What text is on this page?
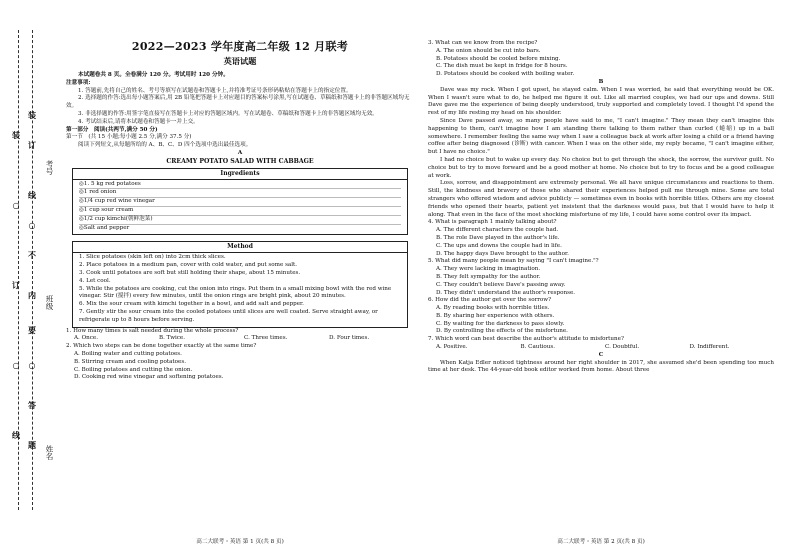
装
订
线
○
不
内
要
○
答
题
装
○
订
○
线
考号
班级
姓名

2022—2023 学年度高二年级 12 月联考

英语试题

本试题卷共 8 页。全卷满分 120 分。考试用时 120 分钟。

注意事项:

1. 答题前,先将自己的姓名、考号等填写在试题卷和答题卡上,并将准考证号条形码粘贴在答题卡上的指定位置。

2. 选择题的作答:选出每小题答案后,用 2B 铅笔把答题卡上对应题目的答案标号涂黑,写在试题卷、草稿纸和答题卡上的非答题区域均无效。

3. 非选择题的作答:用签字笔直接写在答题卡上对应的答题区域内。写在试题卷、草稿纸和答题卡上的非答题区域均无效。

4. 考试结束后,请将本试题卷和答题卡一并上交。

第一部分　阅读(共两节,满分 50 分)

第一节　(共 15 小题;每小题 2.5 分,满分 37.5 分)

阅读下列短文,从每题所给的 A、B、C、D 四个选项中选出最佳选项。

A

CREAMY POTATO SALAD WITH CABBAGE

Ingredients

◎1. 5 kg red potatoes

◎1 red onion

◎1/4 cup red wine vinegar

◎1 cup sour cream

◎1/2 cup kimchi(朝鲜泡菜)

◎Salt and pepper

Method

1. Slice potatoes (skin left on) into 2cm thick slices.

2. Place potatoes in a medium pan, cover with cold water, and put some salt.

3. Cook until potatoes are soft but still holding their shape, about 15 minutes.

4. Let cool.

5. While the potatoes are cooking, cut the onion into rings. Put them in a small mixing bowl with the red wine vinegar. Stir (搅拌) every few minutes, until the onion rings are bright pink, about 20 minutes.

6. Mix the sour cream with kimchi together in a bowl, and add salt and pepper.

7. Gently stir the sour cream into the cooled potatoes until slices are well coated. Serve straight away, or refrigerate up to 8 hours before serving.

1. How many times is salt needed during the whole process?

A. Once.	B. Twice.	C. Three times.	D. Four times.

2. Which two steps can be done together exactly at the same time?

A. Boiling water and cutting potatoes.

B. Stirring cream and cooling potatoes.

C. Boiling potatoes and cutting the onion.

D. Cooking red wine vinegar and softening potatoes.

高二大联考・英语 第 1 页(共 8 页)

3. What can we know from the recipe?

A. The onion should be cut into bars.

B. Potatoes should be cooled before mixing.

C. The dish must be kept in fridge for 8 hours.

D. Potatoes should be cooked with boiling water.

B

Dave was my rock. When I got upset, he stayed calm. When I was worried, he said that everything would be OK. When I wasn't sure what to do, he helped me figure it out. Like all married couples, we had our ups and downs. Still Dave gave me the experience of being deeply understood, truly supported and completely loved. I thought I'd spend the rest of my life resting my head on his shoulder.

Since Dave passed away, so many people have said to me, "I can't imagine." They mean they can't imagine this happening to them, can't imagine how I am standing there talking to them rather than curled (蜷缩) up in a ball somewhere. I remember feeling the same way when I saw a colleague back at work after losing a child or a friend having coffee after being diagnosed (诊断) with cancer. When I was on the other side, my reply became, "I can't imagine either, but I have no choice."

I had no choice but to wake up every day. No choice but to get through the shock, the sorrow, the survivor guilt. No choice but to try to move forward and be a good mother at home. No choice but to try to focus and be a good colleague at work.

Loss, sorrow, and disappointment are extremely personal. We all have unique circumstances and reactions to them. Still, the kindness and bravery of those who shared their experiences helped pull me through mine. Some are total strangers who offered wisdom and advice publicly — sometimes even in books with horrible titles. Others are my closest friends who opened their hearts, patient yet insistent that the darkness would pass, but that I would have to help it along. That even in the face of the most shocking misfortune of my life, I could have some control over its impact.

4. What is paragraph 1 mainly talking about?

A. The different characters the couple had.

B. The role Dave played in the author's life.

C. The ups and downs the couple had in life.

D. The happy days Dave brought to the author.

5. What did many people mean by saying "I can't imagine."?

A. They were lacking in imagination.

B. They felt sympathy for the author.

C. They couldn't believe Dave's passing away.

D. They didn't understand the author's response.

6. How did the author get over the sorrow?

A. By reading books with horrible titles.

B. By sharing her experience with others.

C. By waiting for the darkness to pass slowly.

D. By controlling the effects of the misfortune.

7. Which word can best describe the author's attitude to misfortune?

A. Positive.	B. Cautious.	C. Doubtful.	D. Indifferent.

C

When Katja Edler noticed tightness around her right shoulder in 2017, she assumed she'd been spending too much time at her desk. The 44-year-old book editor worked from home. About three

高二大联考・英语 第 2 页(共 8 页)
